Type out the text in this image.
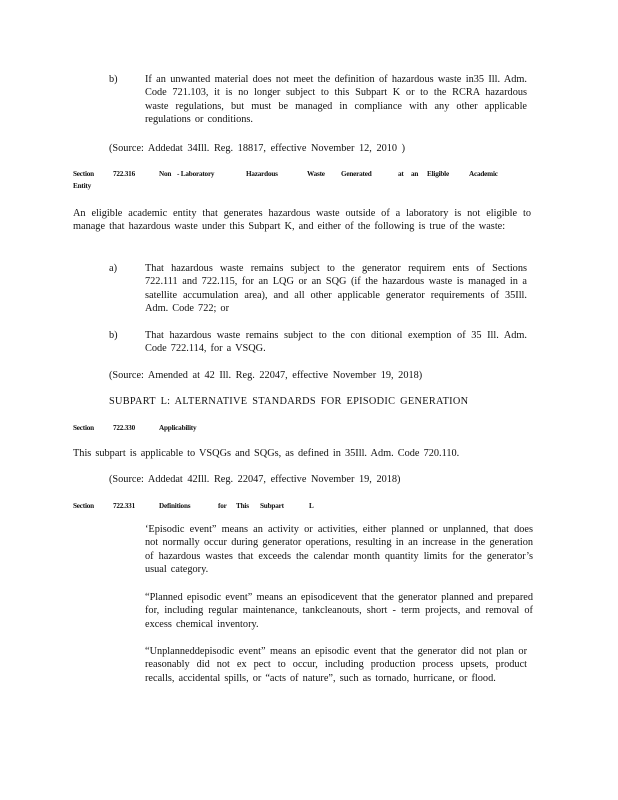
b)	If an unwanted material does not meet the definition of hazardous waste in35 Ill. Adm. Code 721.103, it is no longer subject to this Subpart K or to the RCRA hazardous waste regulations, but must be managed in compliance with any other applicable regulations or conditions.
(Source: Addedat 34Ill. Reg. 18817, effective November 12, 2010 )
Section	722.316	Non - Laboratory	Hazardous	Waste Generated	at an Eligible	Academic
Entity
An eligible academic entity that generates hazardous waste outside of a laboratory is not eligible to manage that hazardous waste under this Subpart K, and either of the following is true of the waste:
a)	That hazardous waste remains subject to the generator requirem ents of Sections 722.111 and 722.115, for an LQG or an SQG (if the hazardous waste is managed in a satellite accumulation area), and all other applicable generator requirements of 35Ill. Adm. Code 722; or
b)	That hazardous waste remains subject to the con ditional exemption of 35 Ill. Adm. Code 722.114, for a VSQG.
(Source: Amended at 42 Ill. Reg. 22047, effective November 19, 2018)
SUBPART L: ALTERNATIVE STANDARDS FOR EPISODIC GENERATION
Section	722.330	Applicability
This subpart is applicable to VSQGs and SQGs, as defined in 35Ill. Adm. Code 720.110.
(Source: Addedat 42Ill. Reg. 22047, effective November 19, 2018)
Section	722.331	Definitions	for This Subpart	L
‘Episodic event” means an activity or activities, either planned or unplanned, that does not normally occur during generator operations, resulting in an increase in the generation of hazardous wastes that exceeds the calendar month quantity limits for the generator’s usual category.
“Planned episodic event” means an episodicevent that the generator planned and prepared for, including regular maintenance, tankcleanouts, short - term projects, and removal of excess chemical inventory.
“Unplanneddepisodic event” means an episodic event that the generator did not plan or reasonably did not ex pect to occur, including production process upsets, product recalls, accidental spills, or “acts of nature”, such as tornado, hurricane, or flood.
